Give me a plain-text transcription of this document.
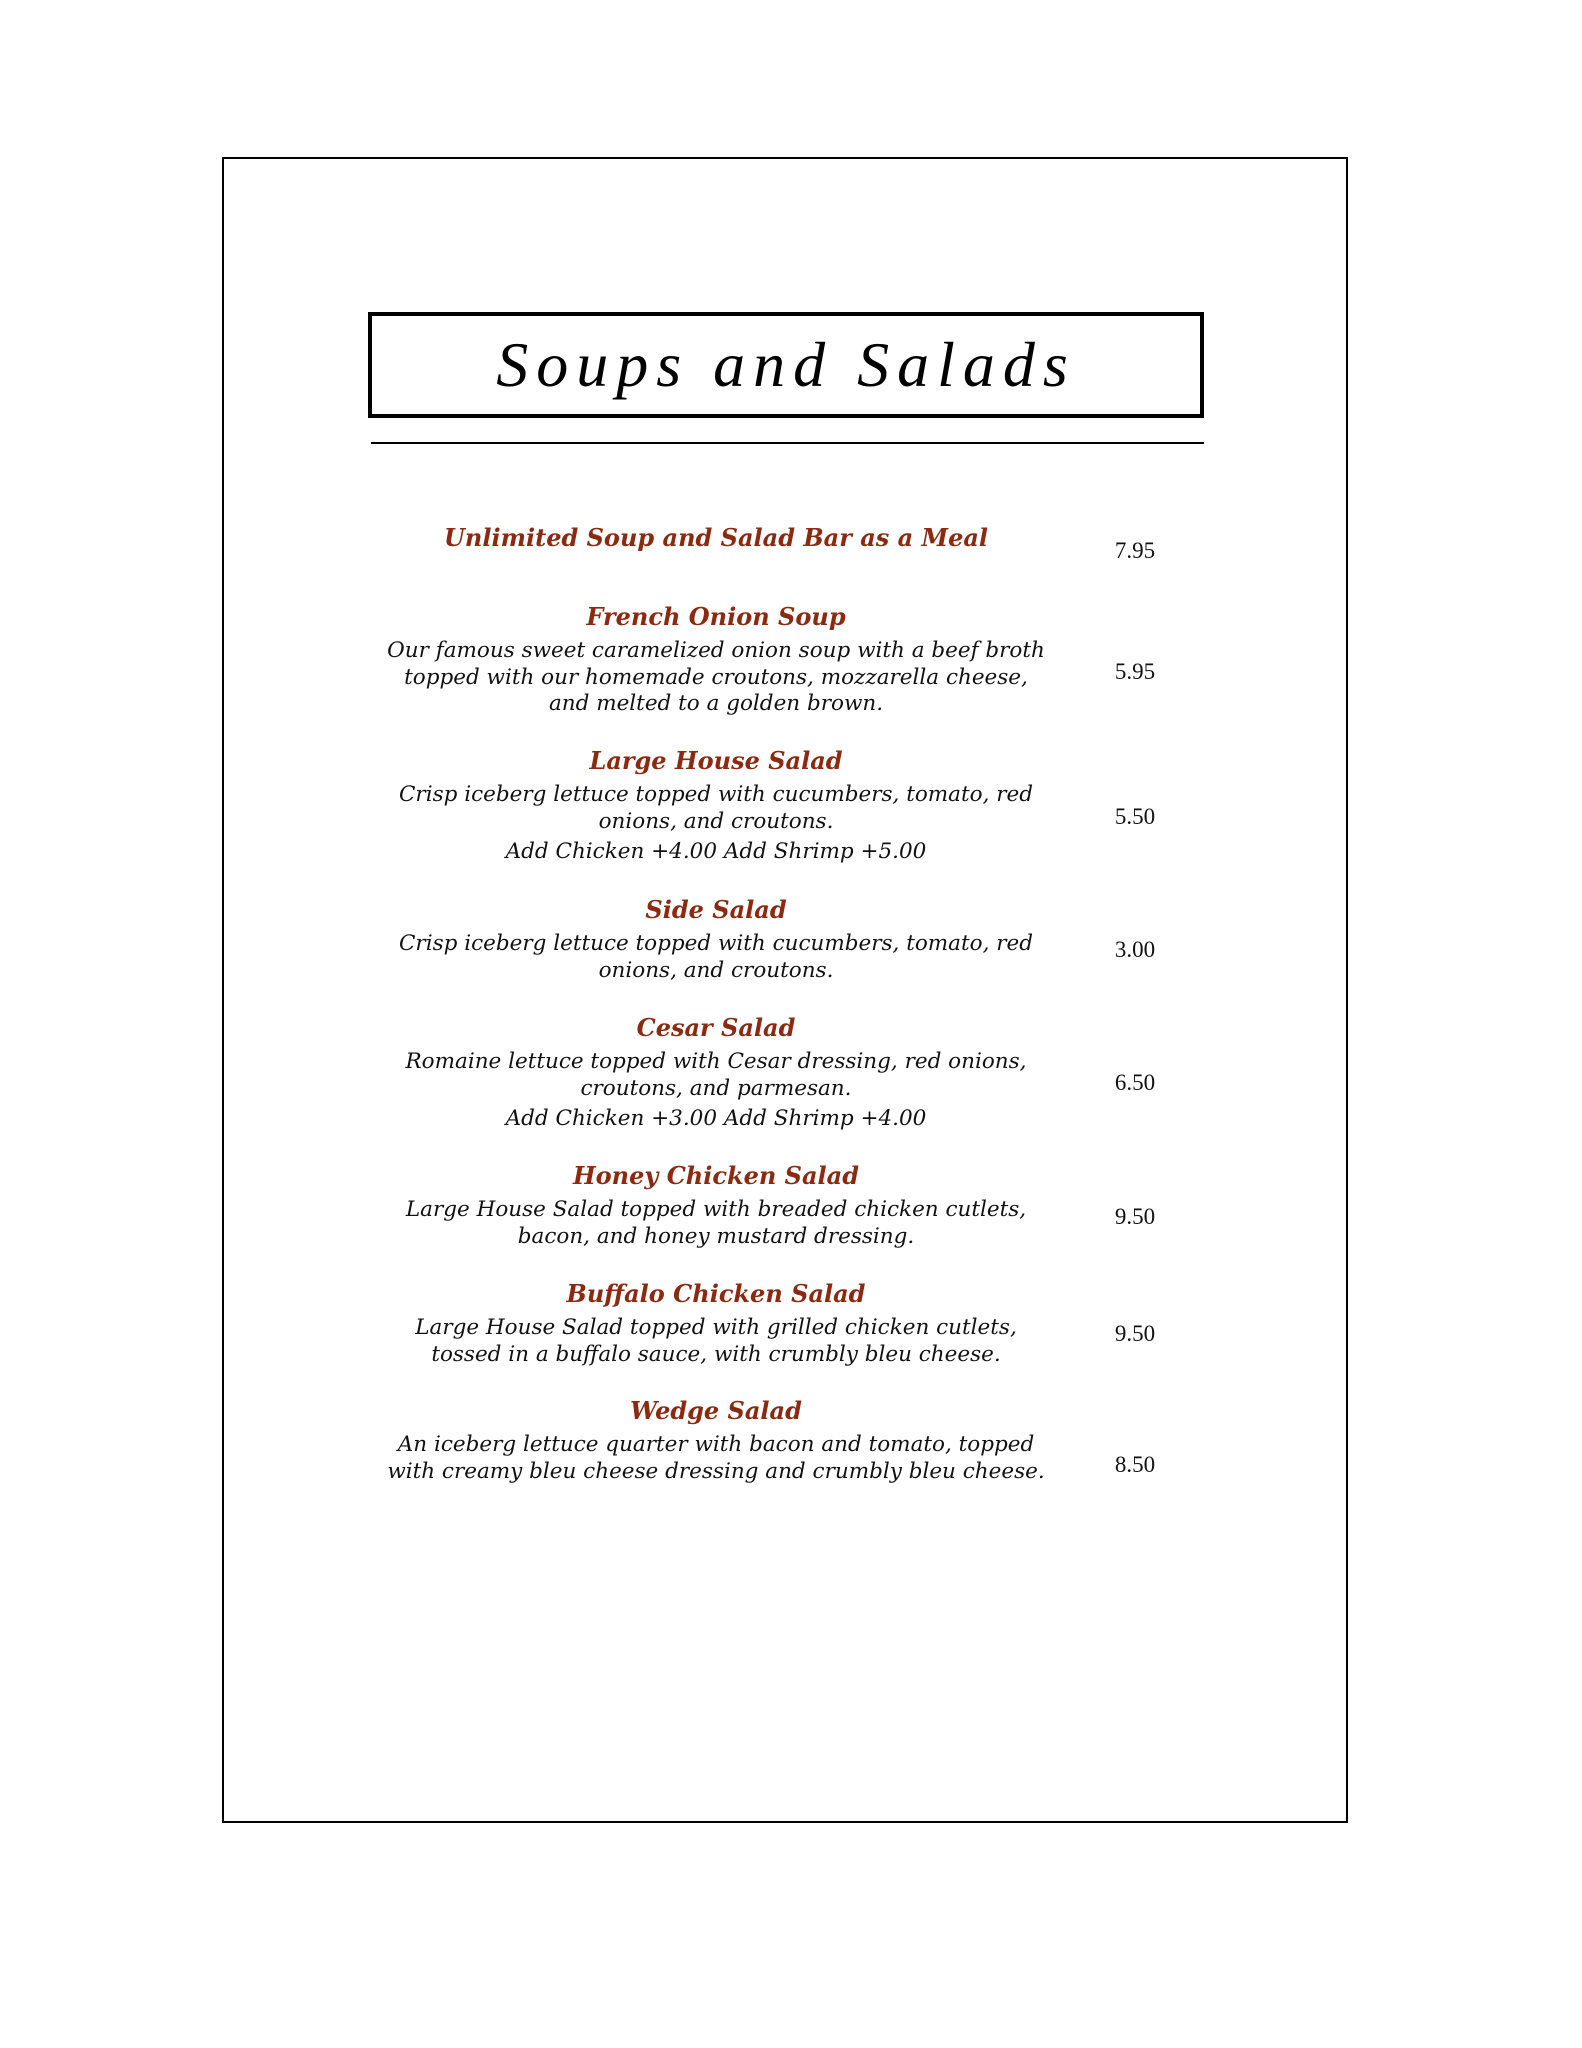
Soups and Salads
Unlimited Soup and Salad Bar as a Meal	7.95
French Onion Soup
Our famous sweet caramelized onion soup with a beef broth topped with our homemade croutons, mozzarella cheese, and melted to a golden brown.
5.95
Large House Salad
Crisp iceberg lettuce topped with cucumbers, tomato, red onions, and croutons.
Add Chicken +4.00 Add Shrimp +5.00
5.50
Side Salad
Crisp iceberg lettuce topped with cucumbers, tomato, red onions, and croutons.
3.00
Cesar Salad
Romaine lettuce topped with Cesar dressing, red onions, croutons, and parmesan.
Add Chicken +3.00 Add Shrimp +4.00
6.50
Honey Chicken Salad
Large House Salad topped with breaded chicken cutlets, bacon, and honey mustard dressing.
9.50
Buffalo Chicken Salad
Large House Salad topped with grilled chicken cutlets, tossed in a buffalo sauce, with crumbly bleu cheese.
9.50
Wedge Salad
An iceberg lettuce quarter with bacon and tomato, topped with creamy bleu cheese dressing and crumbly bleu cheese.	8.50
